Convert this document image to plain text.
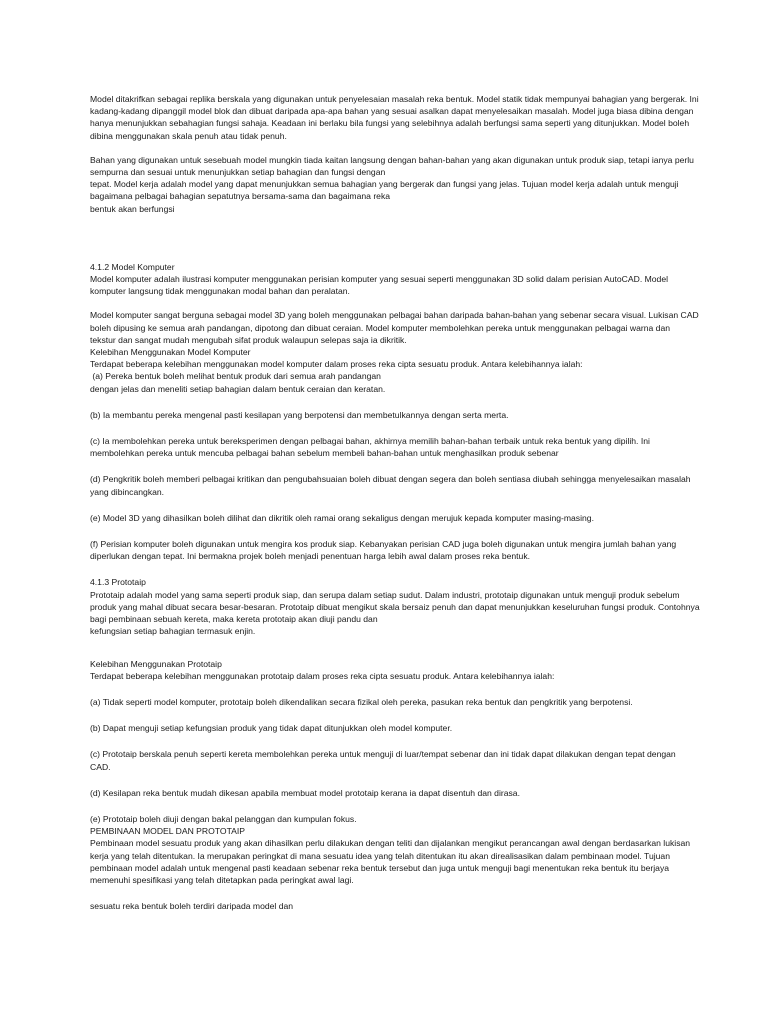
Model ditakrifkan sebagai replika berskala yang digunakan untuk penyelesaian masalah reka bentuk. Model statik tidak mempunyai bahagian yang bergerak. Ini

kadang-kadang dipanggil model blok dan dibuat daripada apa-apa bahan yang sesuai asalkan dapat menyelesaikan masalah. Model juga biasa dibina dengan

hanya menunjukkan sebahagian fungsi sahaja. Keadaan ini berlaku bila fungsi yang selebihnya adalah berfungsi sama seperti yang ditunjukkan. Model boleh

dibina menggunakan skala penuh atau tidak penuh.

Bahan yang digunakan untuk sesebuah model mungkin tiada kaitan langsung dengan bahan-bahan yang akan digunakan untuk produk siap, tetapi ianya perlu

sempurna dan sesuai untuk menunjukkan setiap bahagian dan fungsi dengan

tepat. Model kerja adalah model yang dapat menunjukkan semua bahagian yang bergerak dan fungsi yang jelas. Tujuan model kerja adalah untuk menguji

bagaimana pelbagai bahagian sepatutnya bersama-sama dan bagaimana reka

bentuk akan berfungsi

4.1.2 Model Komputer

Model komputer adalah ilustrasi komputer menggunakan perisian komputer yang sesuai seperti menggunakan 3D solid dalam perisian AutoCAD. Model

komputer langsung tidak menggunakan modal bahan dan peralatan.

Model komputer sangat berguna sebagai model 3D yang boleh menggunakan pelbagai bahan daripada bahan-bahan yang sebenar secara visual. Lukisan CAD

boleh dipusing ke semua arah pandangan, dipotong dan dibuat ceraian. Model komputer membolehkan pereka untuk menggunakan pelbagai warna dan

tekstur dan sangat mudah mengubah sifat produk walaupun selepas saja ia dikritik.

Kelebihan Menggunakan Model Komputer

Terdapat beberapa kelebihan menggunakan model komputer dalam proses reka cipta sesuatu produk. Antara kelebihannya ialah:

(a) Pereka bentuk boleh melihat bentuk produk dari semua arah pandangan

dengan jelas dan meneliti setiap bahagian dalam bentuk ceraian dan keratan.

(b) Ia membantu pereka mengenal pasti kesilapan yang berpotensi dan membetulkannya dengan serta merta.

(c) Ia membolehkan pereka untuk bereksperimen dengan pelbagai bahan, akhirnya memilih bahan-bahan terbaik untuk reka bentuk yang dipilih. Ini

membolehkan pereka untuk mencuba pelbagai bahan sebelum membeli bahan-bahan untuk menghasilkan produk sebenar

(d) Pengkritik boleh memberi pelbagai kritikan dan pengubahsuaian boleh dibuat dengan segera dan boleh sentiasa diubah sehingga menyelesaikan masalah

yang dibincangkan.

(e) Model 3D yang dihasilkan boleh dilihat dan dikritik oleh ramai orang sekaligus dengan merujuk kepada komputer masing-masing.

(f) Perisian komputer boleh digunakan untuk mengira kos produk siap. Kebanyakan perisian CAD juga boleh digunakan untuk mengira jumlah bahan yang

diperlukan dengan tepat. Ini bermakna projek boleh menjadi penentuan harga lebih awal dalam proses reka bentuk.

4.1.3 Prototaip

Prototaip adalah model yang sama seperti produk siap, dan serupa dalam setiap sudut. Dalam industri, prototaip digunakan untuk menguji produk sebelum

produk yang mahal dibuat secara besar-besaran. Prototaip dibuat mengikut skala bersaiz penuh dan dapat menunjukkan keseluruhan fungsi produk. Contohnya

bagi pembinaan sebuah kereta, maka kereta prototaip akan diuji pandu dan

kefungsian setiap bahagian termasuk enjin.

Kelebihan Menggunakan Prototaip

Terdapat beberapa kelebihan menggunakan prototaip dalam proses reka cipta sesuatu produk. Antara kelebihannya ialah:

(a) Tidak seperti model komputer, prototaip boleh dikendalikan secara fizikal oleh pereka, pasukan reka bentuk dan pengkritik yang berpotensi.

(b) Dapat menguji setiap kefungsian produk yang tidak dapat ditunjukkan oleh model komputer.

(c) Prototaip berskala penuh seperti kereta membolehkan pereka untuk menguji di luar/tempat sebenar dan ini tidak dapat dilakukan dengan tepat dengan

CAD.

(d) Kesilapan reka bentuk mudah dikesan apabila membuat model prototaip kerana ia dapat disentuh dan dirasa.

(e) Prototaip boleh diuji dengan bakal pelanggan dan kumpulan fokus.

PEMBINAAN MODEL DAN PROTOTAIP

Pembinaan model sesuatu produk yang akan dihasilkan perlu dilakukan dengan teliti dan dijalankan mengikut perancangan awal dengan berdasarkan lukisan

kerja yang telah ditentukan. Ia merupakan peringkat di mana sesuatu idea yang telah ditentukan itu akan direalisasikan dalam pembinaan model. Tujuan

pembinaan model adalah untuk mengenal pasti keadaan sebenar reka bentuk tersebut dan juga untuk menguji bagi menentukan reka bentuk itu berjaya

memenuhi spesifikasi yang telah ditetapkan pada peringkat awal lagi.

sesuatu reka bentuk boleh terdiri daripada model dan
